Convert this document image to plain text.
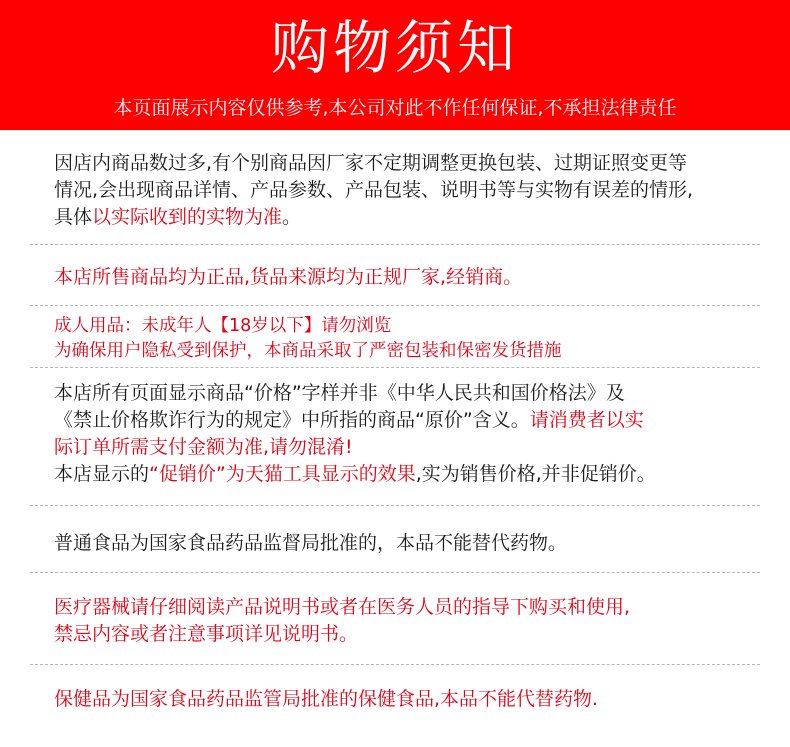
购物须知
本页面展示内容仅供参考,本公司对此不作任何保证,不承担法律责任
因店内商品数过多,有个别商品因厂家不定期调整更换包装、过期证照变更等
情况,会出现商品详情、产品参数、产品包装、说明书等与实物有误差的情形,
具体以实际收到的实物为准。
本店所售商品均为正品,货品来源均为正规厂家,经销商。
成人用品：未成年人【18岁以下】请勿浏览
为确保用户隐私受到保护，本商品采取了严密包装和保密发货措施
本店所有页面显示商品“价格”字样并非《中华人民共和国价格法》及
《禁止价格欺诈行为的规定》中所指的商品“原价”含义。请消费者以实
际订单所需支付金额为准,请勿混淆!
本店显示的“促销价”为天猫工具显示的效果,实为销售价格,并非促销价。
普通食品为国家食品药品监督局批准的，本品不能替代药物。
医疗器械请仔细阅读产品说明书或者在医务人员的指导下购买和使用,
禁忌内容或者注意事项详见说明书。
保健品为国家食品药品监管局批准的保健食品,本品不能代替药物.
